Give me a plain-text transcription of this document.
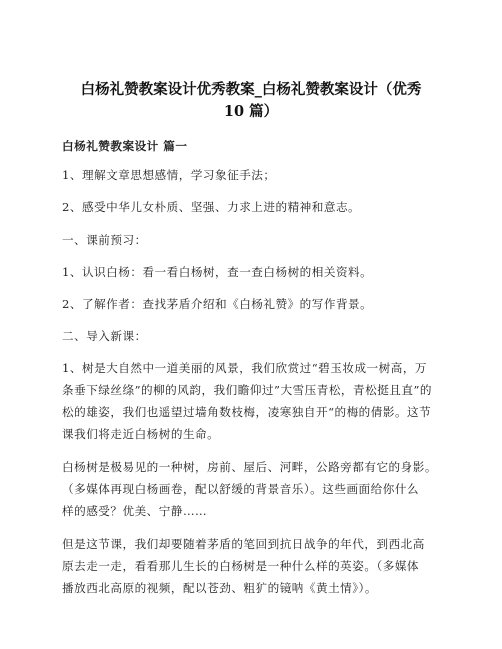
白杨礼赞教案设计优秀教案_白杨礼赞教案设计（优秀
10 篇）
白杨礼赞教案设计 篇一
1、理解文章思想感情，学习象征手法；
2、感受中华儿女朴质、坚强、力求上进的精神和意志。
一、课前预习：
1、认识白杨：看一看白杨树，查一查白杨树的相关资料。
2、了解作者：查找茅盾介绍和《白杨礼赞》的写作背景。
二、导入新课：
1、树是大自然中一道美丽的风景，我们欣赏过“碧玉妆成一树高，万
条垂下绿丝绦”的柳的风韵，我们瞻仰过”大雪压青松，青松挺且直”的
松的雄姿，我们也遥望过墙角数枝梅，凌寒独自开“的梅的倩影。这节
课我们将走近白杨树的生命。
白杨树是极易见的一种树，房前、屋后、河畔，公路旁都有它的身影。
（多媒体再现白杨画卷，配以舒缓的背景音乐）。这些画面给你什么
样的感受？优美、宁静……
但是这节课，我们却要随着茅盾的笔回到抗日战争的年代，到西北高
原去走一走，看看那儿生长的白杨树是一种什么样的英姿。（多媒体
播放西北高原的视频，配以苍劲、粗犷的镜呐《黄土情》）。
